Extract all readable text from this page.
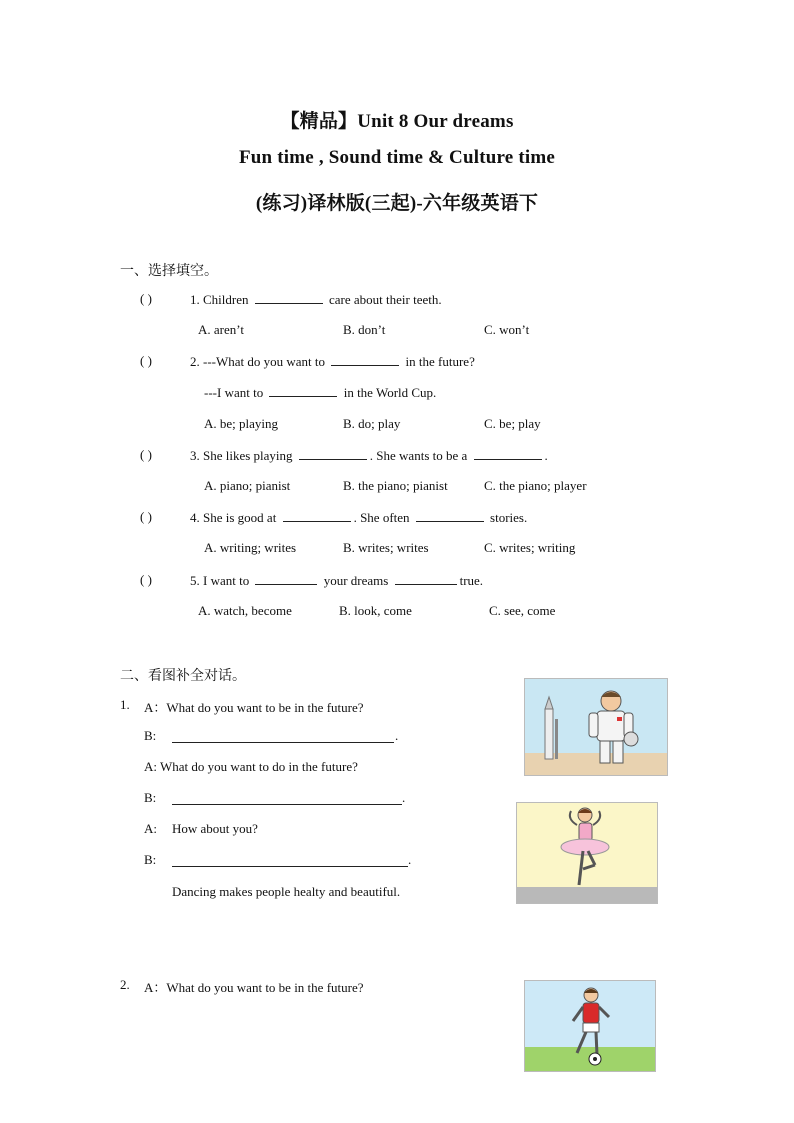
【精品】Unit 8 Our dreams
Fun time , Sound time & Culture time
(练习)译林版(三起)-六年级英语下
一、选择填空。
( )	1. Children	care about their teeth.
A. aren’t	B. don’t	C. won’t
( )	2. ---What do you want to	in the future?
---I want to	in the World Cup.
A. be; playing	B. do; play	C. be; play
( )	3. She likes playing	. She wants to be a	.
A. piano; pianist	B. the piano; pianist	C. the piano; player
( )	4. She is good at	. She often	stories.
A. writing; writes	B. writes; writes	C. writes; writing
( )	5. I want to	your dreams	true.
A. watch, become	B. look, come	C. see, come
二、看图补全对话。
1. A：What do you want to be in the future?
B:	.
A: What do you want to do in the future?
B:	.
A: How about you?
B:	.
Dancing makes people healty and beautiful.
2. A：What do you want to be in the future?
